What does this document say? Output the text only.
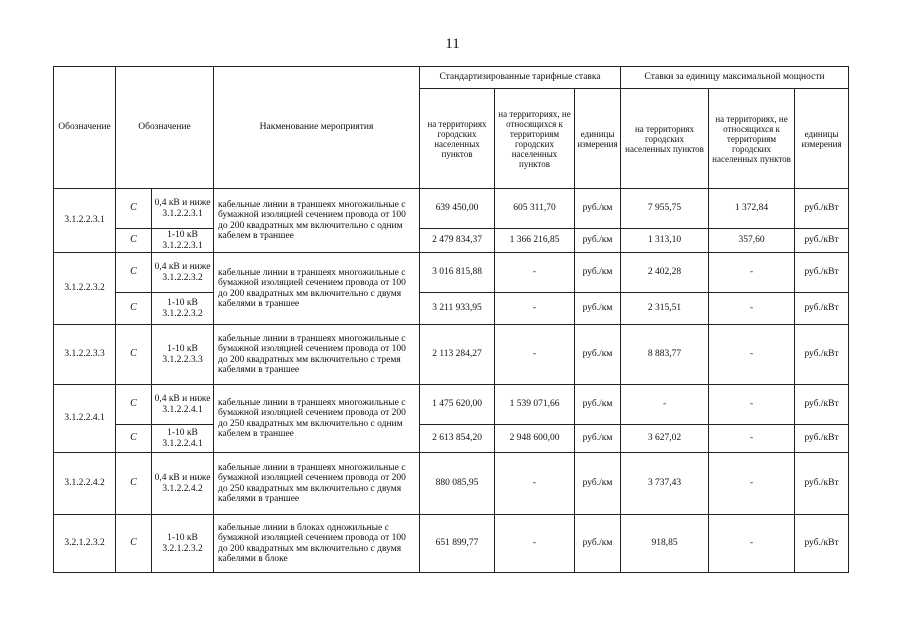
11
Обозначение	Обозначение		Накменование мероприятия	Стандартизированные тарифные ставка			Ставки за единицу максимальной мощности		
				на территориях городских населенных пунктов	на территориях, не относящихся к территориям городских населенных пунктов	единицы измерения	на территориях городских населенных пунктов	на территориях, не относящихся к территориям городских населенных пунктов	единицы измерения
3.1.2.2.3.1	С	0,4 кВ и ниже 3.1.2.2.3.1	кабельные линии в траншеях многожильные с бумажной изоляцией сечением провода от 100 до 200 квадратных мм включительно с одним кабелем в траншее	639 450,00	605 311,70	руб./км	7 955,75	1 372,84	руб./кВт
	С	1-10 кВ 3.1.2.2.3.1		2 479 834,37	1 366 216,85	руб./км	1 313,10	357,60	руб./кВт
3.1.2.2.3.2	С	0,4 кВ и ниже 3.1.2.2.3.2	кабельные линии в траншеях многожильные с бумажной изоляцией сечением провода от 100 до 200 квадратных мм включительно с двумя кабелями в траншее	3 016 815,88	-	руб./км	2 402,28	-	руб./кВт
	С	1-10 кВ 3.1.2.2.3.2		3 211 933,95	-	руб./км	2 315,51	-	руб./кВт
3.1.2.2.3.3	С	1-10 кВ 3.1.2.2.3.3	кабельные линии в траншеях многожильные с бумажной изоляцией сечением провода от 100 до 200 квадратных мм включительно с тремя кабелями в траншее	2 113 284,27	-	руб./км	8 883,77	-	руб./кВт
3.1.2.2.4.1	С	0,4 кВ и ниже 3.1.2.2.4.1	кабельные линии в траншеях многожильные с бумажной изоляцией сечением провода от 200 до 250 квадратных мм включительно с одним кабелем в траншее	1 475 620,00	1 539 071,66	руб./км	-	-	руб./кВт
	С	1-10 кВ 3.1.2.2.4.1		2 613 854,20	2 948 600,00	руб./км	3 627,02	-	руб./кВт
3.1.2.2.4.2	С	0,4 кВ и ниже 3.1.2.2.4.2	кабельные линии в траншеях многожильные с бумажной изоляцией сечением провода от 200 до 250 квадратных мм включительно с двумя кабелями в траншее	880 085,95	-	руб./км	3 737,43	-	руб./кВт
3.2.1.2.3.2	С	1-10 кВ 3.2.1.2.3.2	кабельные линии в блоках одножильные с бумажной изоляцией сечением провода от 100 до 200 квадратных мм включительно с двумя кабелями в блоке	651 899,77	-	руб./км	918,85	-	руб./кВт
